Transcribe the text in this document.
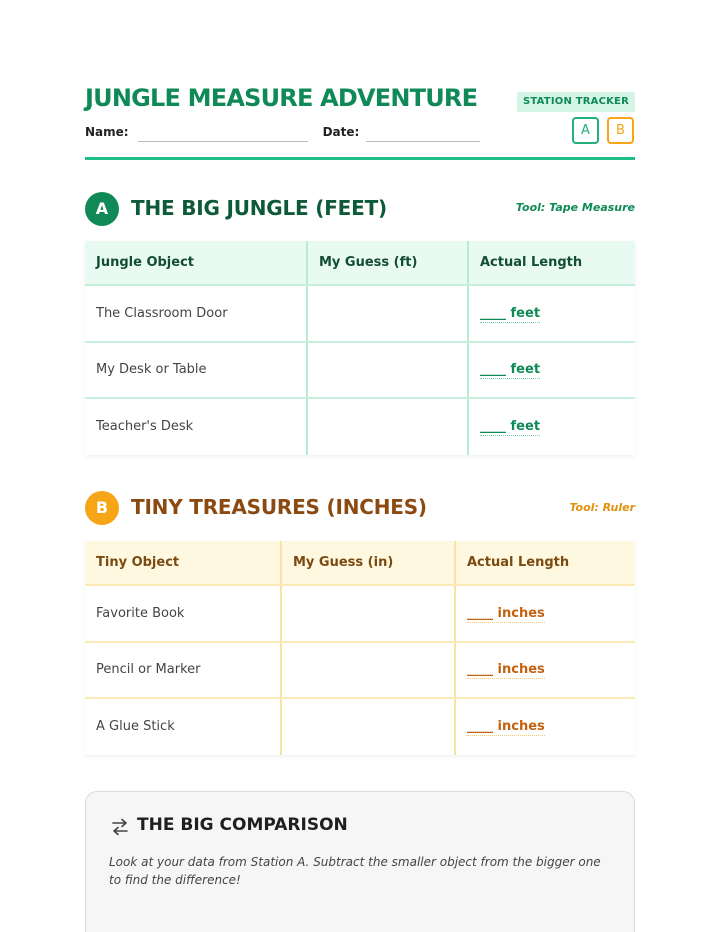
JUNGLE MEASURE ADVENTURE
Name:	Date:
STATION TRACKER
A	B
A	THE BIG JUNGLE (FEET)	Tool: Tape Measure
Jungle Object	My Guess (ft)	Actual Length
The Classroom Door		____ feet
My Desk or Table		____ feet
Teacher's Desk		____ feet
B	TINY TREASURES (INCHES)	Tool: Ruler
Tiny Object	My Guess (in)	Actual Length
Favorite Book		____ inches
Pencil or Marker		____ inches
A Glue Stick		____ inches
THE BIG COMPARISON
Look at your data from Station A. Subtract the smaller object from the bigger one to find the difference!
